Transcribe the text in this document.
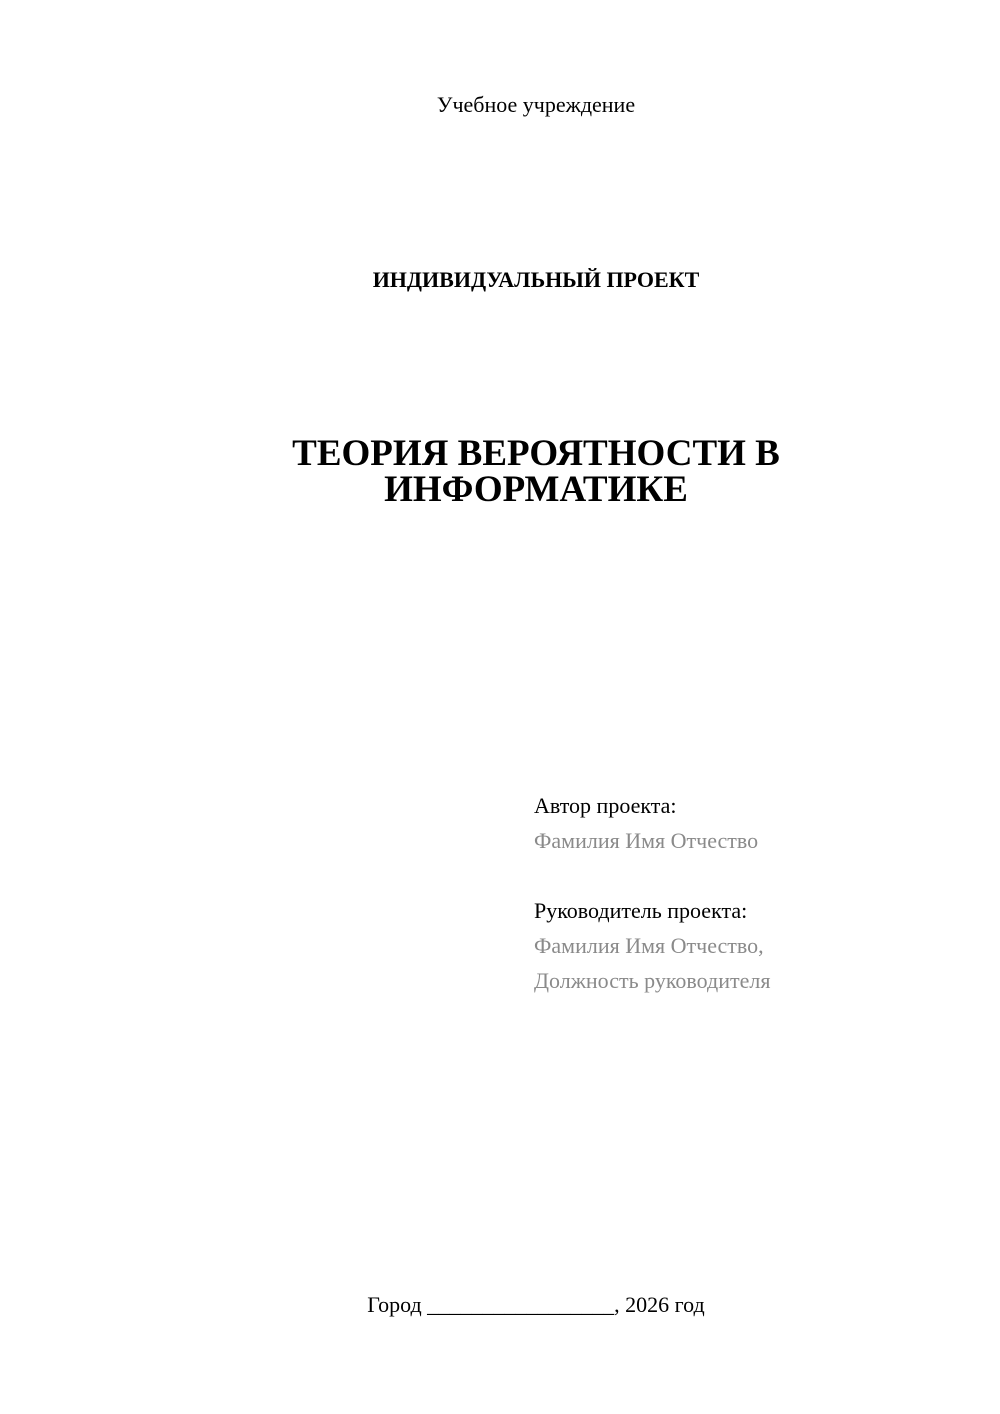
Учебное учреждение
ИНДИВИДУАЛЬНЫЙ ПРОЕКТ
ТЕОРИЯ ВЕРОЯТНОСТИ В
ИНФОРМАТИКЕ
Автор проекта:
Фамилия Имя Отчество
Руководитель проекта:
Фамилия Имя Отчество,
Должность руководителя
Город _________________, 2026 год
